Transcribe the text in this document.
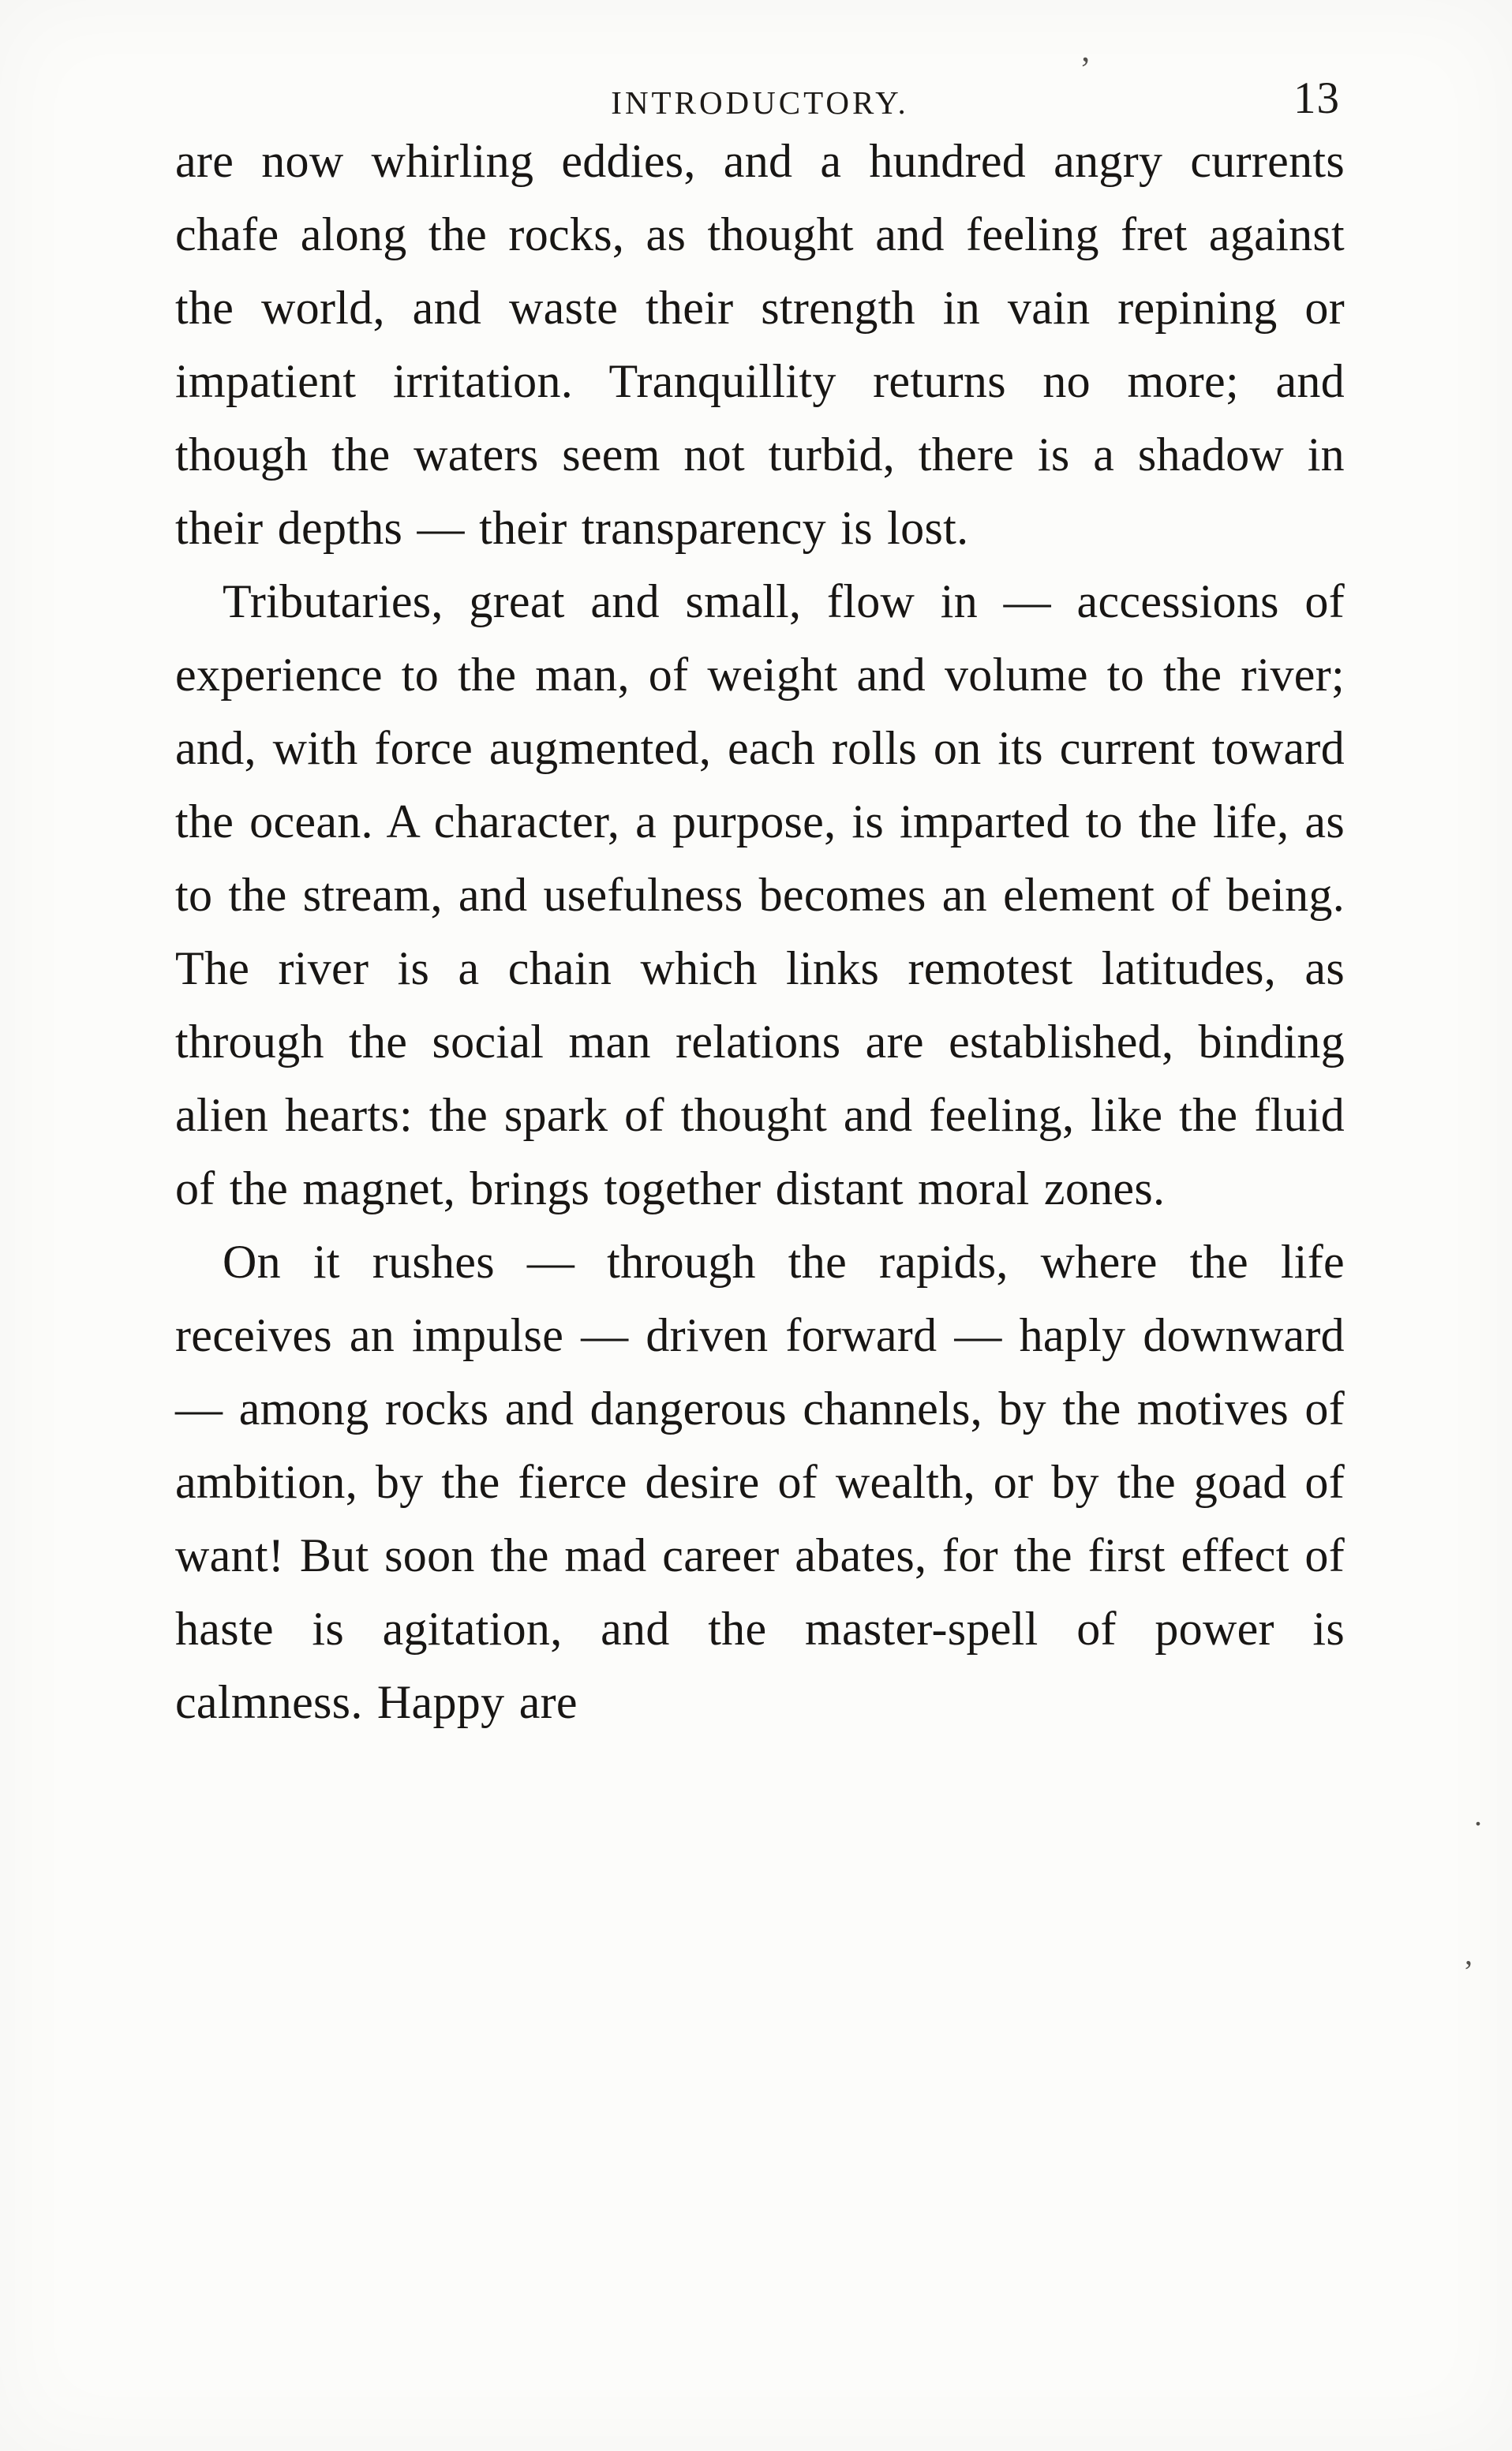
INTRODUCTORY.	13
’

are now whirling eddies, and a hundred angry currents chafe along the rocks, as thought and feeling fret against the world, and waste their strength in vain repining or impatient irritation. Tranquillity returns no more; and though the waters seem not turbid, there is a shadow in their depths — their transparency is lost.

Tributaries, great and small, flow in — accessions of experience to the man, of weight and volume to the river; and, with force augmented, each rolls on its current toward the ocean. A character, a purpose, is imparted to the life, as to the stream, and usefulness becomes an element of being. The river is a chain which links remotest latitudes, as through the social man relations are established, binding alien hearts: the spark of thought and feeling, like the fluid of the magnet, brings together distant moral zones.

On it rushes — through the rapids, where the life receives an impulse — driven forward — haply downward — among rocks and dangerous channels, by the motives of ambition, by the fierce desire of wealth, or by the goad of want! But soon the mad career abates, for the first effect of haste is agitation, and the master-spell of power is calmness. Happy are

.
,
